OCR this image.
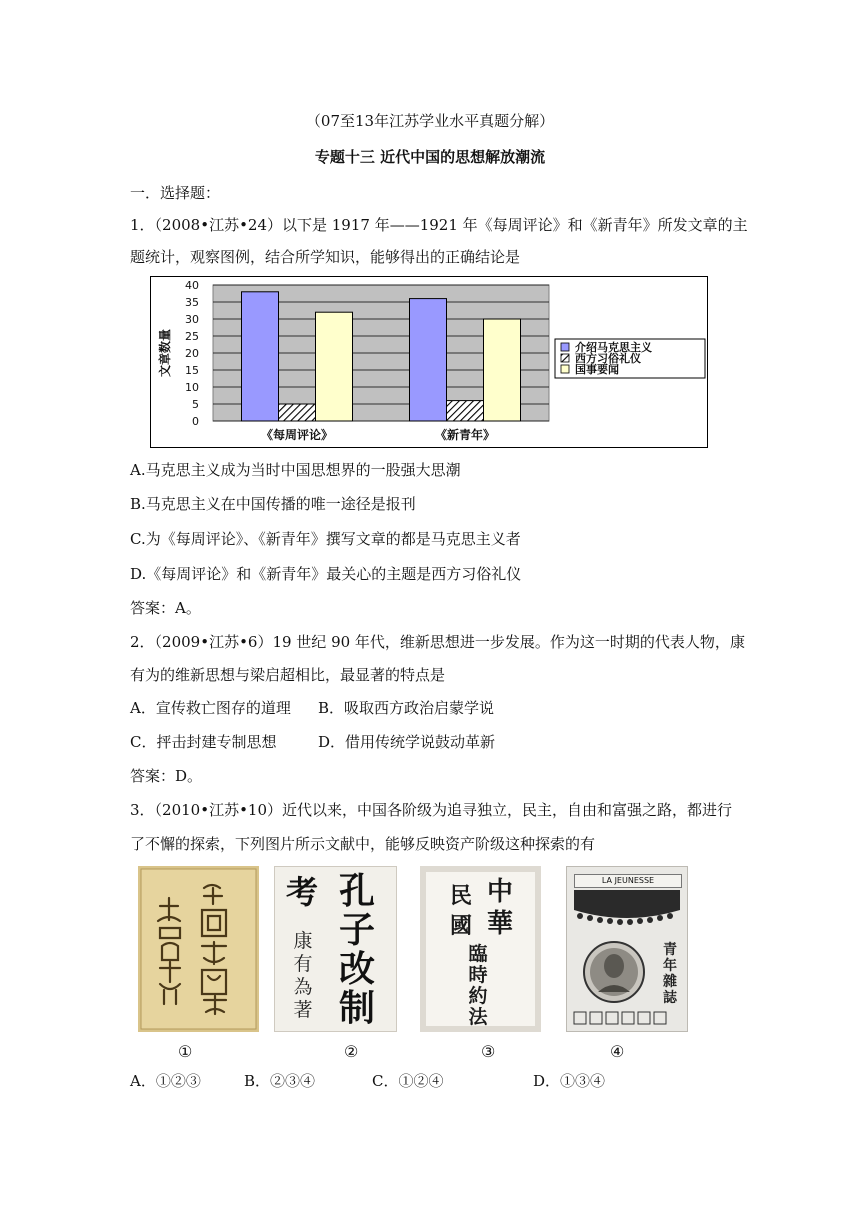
（07至13年江苏学业水平真题分解）
专题十三 近代中国的思想解放潮流
一．选择题：
1．（2008•江苏•24）以下是 1917 年——1921 年《每周评论》和《新青年》所发文章的主
题统计，观察图例，结合所学知识，能够得出的正确结论是
0
5
10
15
20
25
30
35
40
文章数量
《每周评论》	《新青年》
介绍马克思主义
西方习俗礼仪
国事要闻
A.马克思主义成为当时中国思想界的一股强大思潮
B.马克思主义在中国传播的唯一途径是报刊
C.为《每周评论》、《新青年》撰写文章的都是马克思主义者
D.《每周评论》和《新青年》最关心的主题是西方习俗礼仪
答案：A。
2．（2009•江苏•6）19 世纪 90 年代，维新思想进一步发展。作为这一时期的代表人物，康
有为的维新思想与梁启超相比，最显著的特点是
A．宣传救亡图存的道理 B．吸取西方政治启蒙学说
C．抨击封建专制思想	D．借用传统学说鼓动革新
答案：D。
3．（2010•江苏•10）近代以来，中国各阶级为追寻独立，民主，自由和富强之路，都进行
了不懈的探索，下列图片所示文献中，能够反映资产阶级这种探索的有
孔
子
改
制
考
康
有
為
著
中
華
民
國
臨
時
約
法
LA JEUNESSE
青
年
雜
誌
①	②	③	④
A．①②③	B．②③④	C．①②④	D．①③④
